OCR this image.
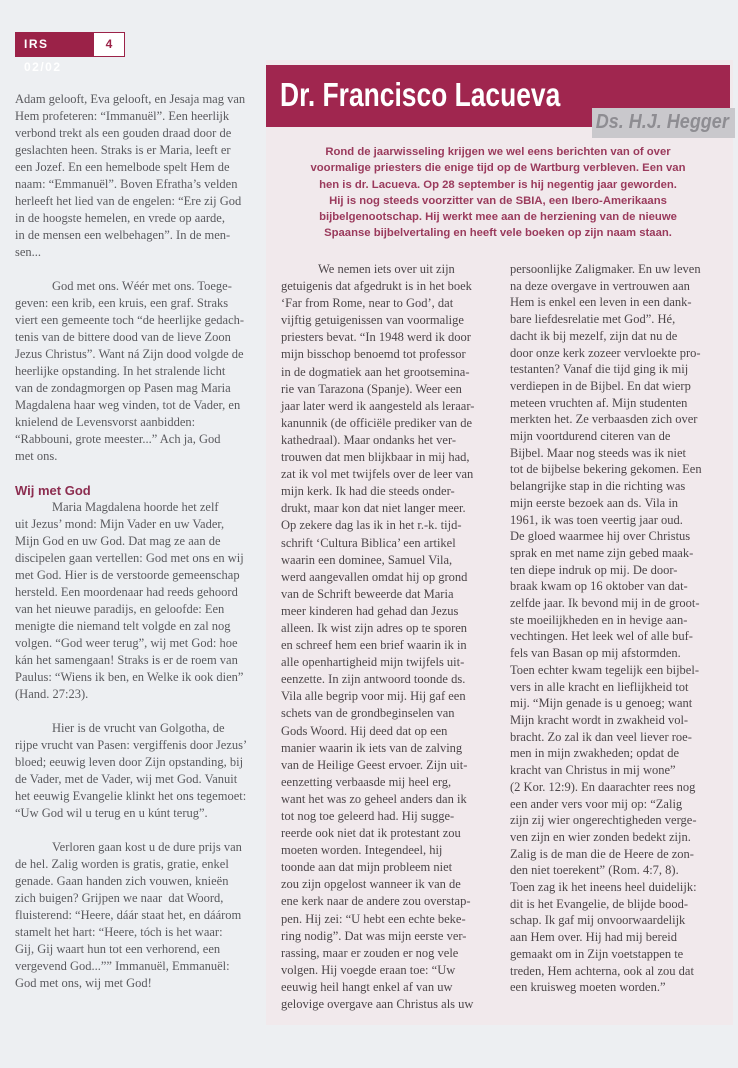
IRS 02/02
4

Adam gelooft, Eva gelooft, en Jesaja mag van
Hem profeteren: “Immanuël”. Een heerlijk
verbond trekt als een gouden draad door de
geslachten heen. Straks is er Maria, leeft er
een Jozef. En een hemelbode spelt Hem de
naam: “Emmanuël”. Boven Efratha’s velden
herleeft het lied van de engelen: “Ere zij God
in de hoogste hemelen, en vrede op aarde,
in de mensen een welbehagen”. In de men-
sen...

God met ons. Wéér met ons. Toege-
geven: een krib, een kruis, een graf. Straks
viert een gemeente toch “de heerlijke gedach-
tenis van de bittere dood van de lieve Zoon
Jezus Christus”. Want ná Zijn dood volgde de
heerlijke opstanding. In het stralende licht
van de zondagmorgen op Pasen mag Maria
Magdalena haar weg vinden, tot de Vader, en
knielend de Levensvorst aanbidden:
“Rabbouni, grote meester...” Ach ja, God
met ons.

Wij met God

Maria Magdalena hoorde het zelf
uit Jezus’ mond: Mijn Vader en uw Vader,
Mijn God en uw God. Dat mag ze aan de
discipelen gaan vertellen: God met ons en wij
met God. Hier is de verstoorde gemeenschap
hersteld. Een moordenaar had reeds gehoord
van het nieuwe paradijs, en geloofde: Een
menigte die niemand telt volgde en zal nog
volgen. “God weer terug”, wij met God: hoe
kán het samengaan! Straks is er de roem van
Paulus: “Wiens ik ben, en Welke ik ook dien”
(Hand. 27:23).

Hier is de vrucht van Golgotha, de
rijpe vrucht van Pasen: vergiffenis door Jezus’
bloed; eeuwig leven door Zijn opstanding, bij
de Vader, met de Vader, wij met God. Vanuit
het eeuwig Evangelie klinkt het ons tegemoet:
“Uw God wil u terug en u kúnt terug”.

Verloren gaan kost u de dure prijs van
de hel. Zalig worden is gratis, gratie, enkel
genade. Gaan handen zich vouwen, knieën
zich buigen? Grijpen we naar  dat Woord,
fluisterend: “Heere, dáár staat het, en dáárom
stamelt het hart: “Heere, tóch is het waar:
Gij, Gij waart hun tot een verhorend, een
vergevend God...”” Immanuël, Emmanuël:
God met ons, wij met God!

Dr. Francisco Lacueva
Ds. H.J. Hegger
Rond de jaarwisseling krijgen we wel eens berichten van of over
voormalige priesters die enige tijd op de Wartburg verbleven. Een van
hen is dr. Lacueva. Op 28 september is hij negentig jaar geworden.
Hij is nog steeds voorzitter van de SBIA, een Ibero-Amerikaans
bijbelgenootschap. Hij werkt mee aan de herziening van de nieuwe
Spaanse bijbelvertaling en heeft vele boeken op zijn naam staan.
We nemen iets over uit zijn
getuigenis dat afgedrukt is in het boek
‘Far from Rome, near to God’, dat
vijftig getuigenissen van voormalige
priesters bevat. “In 1948 werd ik door
mijn bisschop benoemd tot professor
in de dogmatiek aan het grootsemina-
rie van Tarazona (Spanje). Weer een
jaar later werd ik aangesteld als leraar-
kanunnik (de officiële prediker van de
kathedraal). Maar ondanks het ver-
trouwen dat men blijkbaar in mij had,
zat ik vol met twijfels over de leer van
mijn kerk. Ik had die steeds onder-
drukt, maar kon dat niet langer meer.
Op zekere dag las ik in het r.-k. tijd-
schrift ‘Cultura Biblica’ een artikel
waarin een dominee, Samuel Vila,
werd aangevallen omdat hij op grond
van de Schrift beweerde dat Maria
meer kinderen had gehad dan Jezus
alleen. Ik wist zijn adres op te sporen
en schreef hem een brief waarin ik in
alle openhartigheid mijn twijfels uit-
eenzette. In zijn antwoord toonde ds.
Vila alle begrip voor mij. Hij gaf een
schets van de grondbeginselen van
Gods Woord. Hij deed dat op een
manier waarin ik iets van de zalving
van de Heilige Geest ervoer. Zijn uit-
eenzetting verbaasde mij heel erg,
want het was zo geheel anders dan ik
tot nog toe geleerd had. Hij sugge-
reerde ook niet dat ik protestant zou
moeten worden. Integendeel, hij
toonde aan dat mijn probleem niet
zou zijn opgelost wanneer ik van de
ene kerk naar de andere zou overstap-
pen. Hij zei: “U hebt een echte beke-
ring nodig”. Dat was mijn eerste ver-
rassing, maar er zouden er nog vele
volgen. Hij voegde eraan toe: “Uw
eeuwig heil hangt enkel af van uw
gelovige overgave aan Christus als uw
persoonlijke Zaligmaker. En uw leven
na deze overgave in vertrouwen aan
Hem is enkel een leven in een dank-
bare liefdesrelatie met God”. Hé,
dacht ik bij mezelf, zijn dat nu de
door onze kerk zozeer vervloekte pro-
testanten? Vanaf die tijd ging ik mij
verdiepen in de Bijbel. En dat wierp
meteen vruchten af. Mijn studenten
merkten het. Ze verbaasden zich over
mijn voortdurend citeren van de
Bijbel. Maar nog steeds was ik niet
tot de bijbelse bekering gekomen. Een
belangrijke stap in die richting was
mijn eerste bezoek aan ds. Vila in
1961, ik was toen veertig jaar oud.
De gloed waarmee hij over Christus
sprak en met name zijn gebed maak-
ten diepe indruk op mij. De door-
braak kwam op 16 oktober van dat-
zelfde jaar. Ik bevond mij in de groot-
ste moeilijkheden en in hevige aan-
vechtingen. Het leek wel of alle buf-
fels van Basan op mij afstormden.
Toen echter kwam tegelijk een bijbel-
vers in alle kracht en lieflijkheid tot
mij. “Mijn genade is u genoeg; want
Mijn kracht wordt in zwakheid vol-
bracht. Zo zal ik dan veel liever roe-
men in mijn zwakheden; opdat de
kracht van Christus in mij wone”
(2 Kor. 12:9). En daarachter rees nog
een ander vers voor mij op: “Zalig
zijn zij wier ongerechtigheden verge-
ven zijn en wier zonden bedekt zijn.
Zalig is de man die de Heere de zon-
den niet toerekent” (Rom. 4:7, 8).
Toen zag ik het ineens heel duidelijk:
dit is het Evangelie, de blijde bood-
schap. Ik gaf mij onvoorwaardelijk
aan Hem over. Hij had mij bereid
gemaakt om in Zijn voetstappen te
treden, Hem achterna, ook al zou dat
een kruisweg moeten worden.”
